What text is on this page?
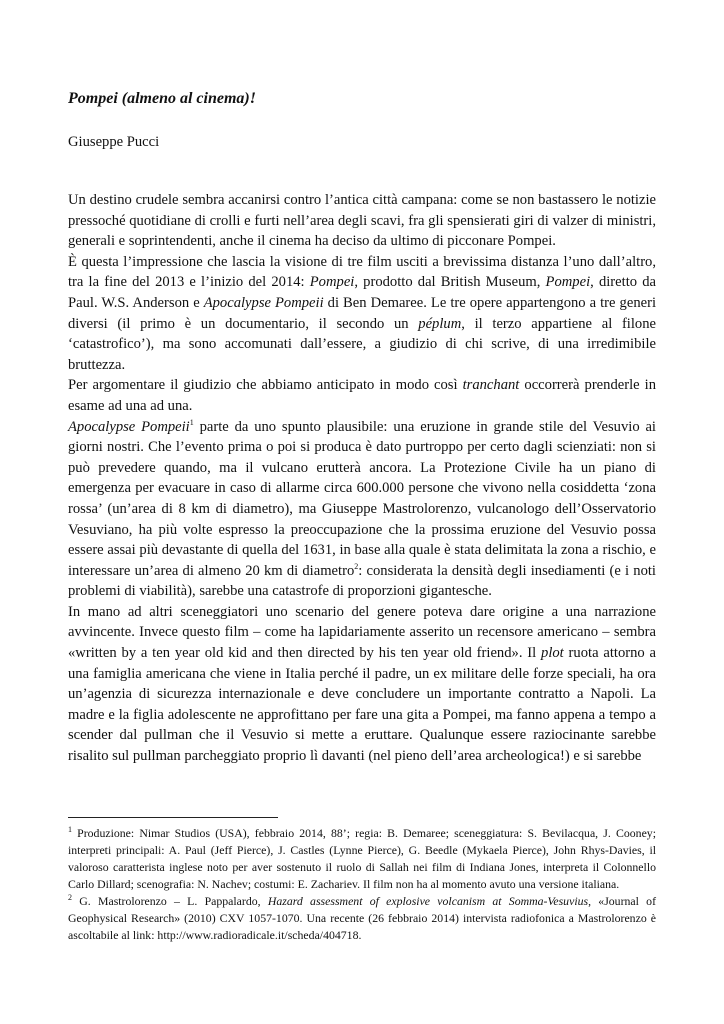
Pompei (almeno al cinema)!

Giuseppe Pucci

Un destino crudele sembra accanirsi contro l’antica città campana: come se non bastassero le notizie pressoché quotidiane di crolli e furti nell’area degli scavi, fra gli spensierati giri di valzer di ministri, generali e soprintendenti, anche il cinema ha deciso da ultimo di picconare Pompei.

È questa l’impressione che lascia la visione di tre film usciti a brevissima distanza l’uno dall’altro, tra la fine del 2013 e l’inizio del 2014: Pompei, prodotto dal British Museum, Pompei, diretto da Paul. W.S. Anderson e Apocalypse Pompeii di Ben Demaree. Le tre opere appartengono a tre generi diversi (il primo è un documentario, il secondo un péplum, il terzo appartiene al filone ‘catastrofico’), ma sono accomunati dall’essere, a giudizio di chi scrive, di una irredimibile bruttezza.

Per argomentare il giudizio che abbiamo anticipato in modo così tranchant occorrerà prenderle in esame ad una ad una.

Apocalypse Pompeii$^1$ parte da uno spunto plausibile: una eruzione in grande stile del Vesuvio ai giorni nostri. Che l’evento prima o poi si produca è dato purtroppo per certo dagli scienziati: non si può prevedere quando, ma il vulcano erutterà ancora. La Protezione Civile ha un piano di emergenza per evacuare in caso di allarme circa 600.000 persone che vivono nella cosiddetta ‘zona rossa’ (un’area di 8 km di diametro), ma Giuseppe Mastrolorenzo, vulcanologo dell’Osservatorio Vesuviano, ha più volte espresso la preoccupazione che la prossima eruzione del Vesuvio possa essere assai più devastante di quella del 1631, in base alla quale è stata delimitata la zona a rischio, e interessare un’area di almeno 20 km di diametro$^2$: considerata la densità degli insediamenti (e i noti problemi di viabilità), sarebbe una catastrofe di proporzioni gigantesche.

In mano ad altri sceneggiatori uno scenario del genere poteva dare origine a una narrazione avvincente. Invece questo film – come ha lapidariamente asserito un recensore americano – sembra «written by a ten year old kid and then directed by his ten year old friend». Il plot ruota attorno a una famiglia americana che viene in Italia perché il padre, un ex militare delle forze speciali, ha ora un’agenzia di sicurezza internazionale e deve concludere un importante contratto a Napoli. La madre e la figlia adolescente ne approfittano per fare una gita a Pompei, ma fanno appena a tempo a scender dal pullman che il Vesuvio si mette a eruttare. Qualunque essere raziocinante sarebbe risalito sul pullman parcheggiato proprio lì davanti (nel pieno dell’area archeologica!) e si sarebbe

$^1$ Produzione: Nimar Studios (USA), febbraio 2014, 88’; regia: B. Demaree; sceneggiatura: S. Bevilacqua, J. Cooney; interpreti principali: A. Paul (Jeff Pierce), J. Castles (Lynne Pierce), G. Beedle (Mykaela Pierce), John Rhys-Davies, il valoroso caratterista inglese noto per aver sostenuto il ruolo di Sallah nei film di Indiana Jones, interpreta il Colonnello Carlo Dillard; scenografia: N. Nachev; costumi: E. Zachariev. Il film non ha al momento avuto una versione italiana.

$^2$ G. Mastrolorenzo – L. Pappalardo, Hazard assessment of explosive volcanism at Somma-Vesuvius, «Journal of Geophysical Research» (2010) CXV 1057-1070. Una recente (26 febbraio 2014) intervista radiofonica a Mastrolorenzo è ascoltabile al link: http://www.radioradicale.it/scheda/404718.
